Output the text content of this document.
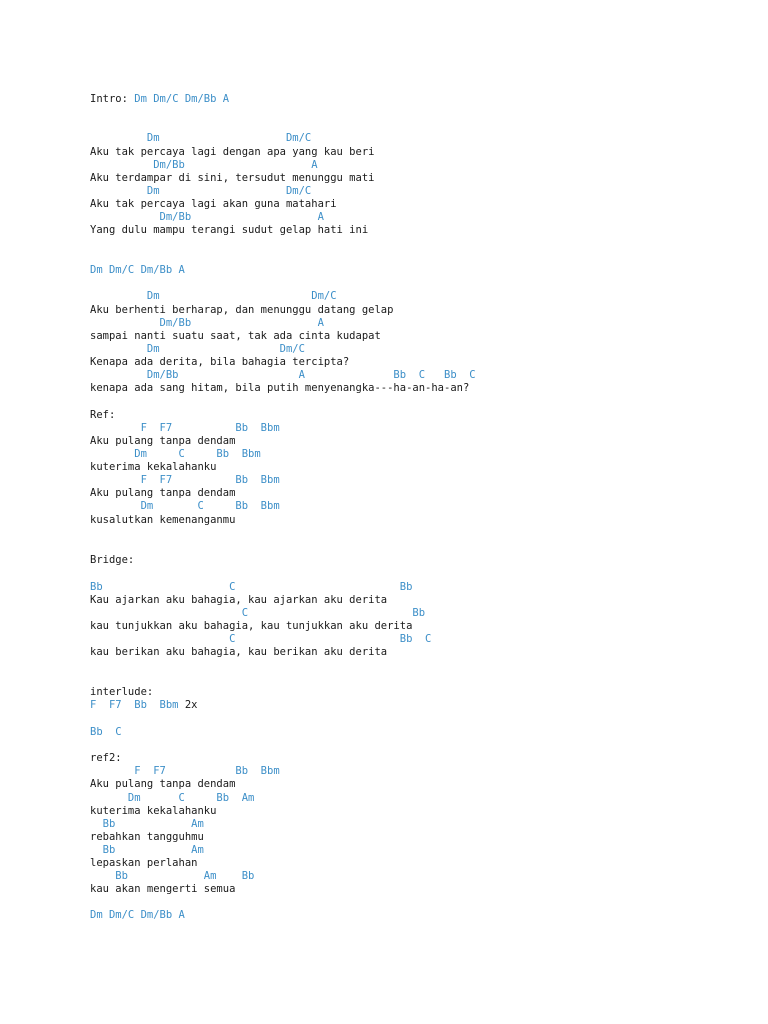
Intro: Dm Dm/C Dm/Bb A
Dm                    Dm/C
Aku tak percaya lagi dengan apa yang kau beri
Dm/Bb                    A
Aku terdampar di sini, tersudut menunggu mati
Dm                    Dm/C
Aku tak percaya lagi akan guna matahari
Dm/Bb                    A
Yang dulu mampu terangi sudut gelap hati ini
Dm Dm/C Dm/Bb A
Dm                        Dm/C
Aku berhenti berharap, dan menunggu datang gelap
Dm/Bb                    A
sampai nanti suatu saat, tak ada cinta kudapat
Dm                   Dm/C
Kenapa ada derita, bila bahagia tercipta?
Dm/Bb                   A              Bb  C   Bb  C
kenapa ada sang hitam, bila putih menyenangka---ha-an-ha-an?
Ref:
F  F7          Bb  Bbm
Aku pulang tanpa dendam
Dm     C     Bb  Bbm
kuterima kekalahanku
F  F7          Bb  Bbm
Aku pulang tanpa dendam
Dm       C     Bb  Bbm
kusalutkan kemenanganmu
Bridge:
Bb                    C                          Bb
Kau ajarkan aku bahagia, kau ajarkan aku derita
C                          Bb
kau tunjukkan aku bahagia, kau tunjukkan aku derita
C                          Bb  C
kau berikan aku bahagia, kau berikan aku derita
interlude:
F  F7  Bb  Bbm 2x
Bb  C
ref2:
F  F7           Bb  Bbm
Aku pulang tanpa dendam
Dm      C     Bb  Am
kuterima kekalahanku
Bb            Am
rebahkan tangguhmu
Bb            Am
lepaskan perlahan
Bb            Am    Bb
kau akan mengerti semua
Dm Dm/C Dm/Bb A
